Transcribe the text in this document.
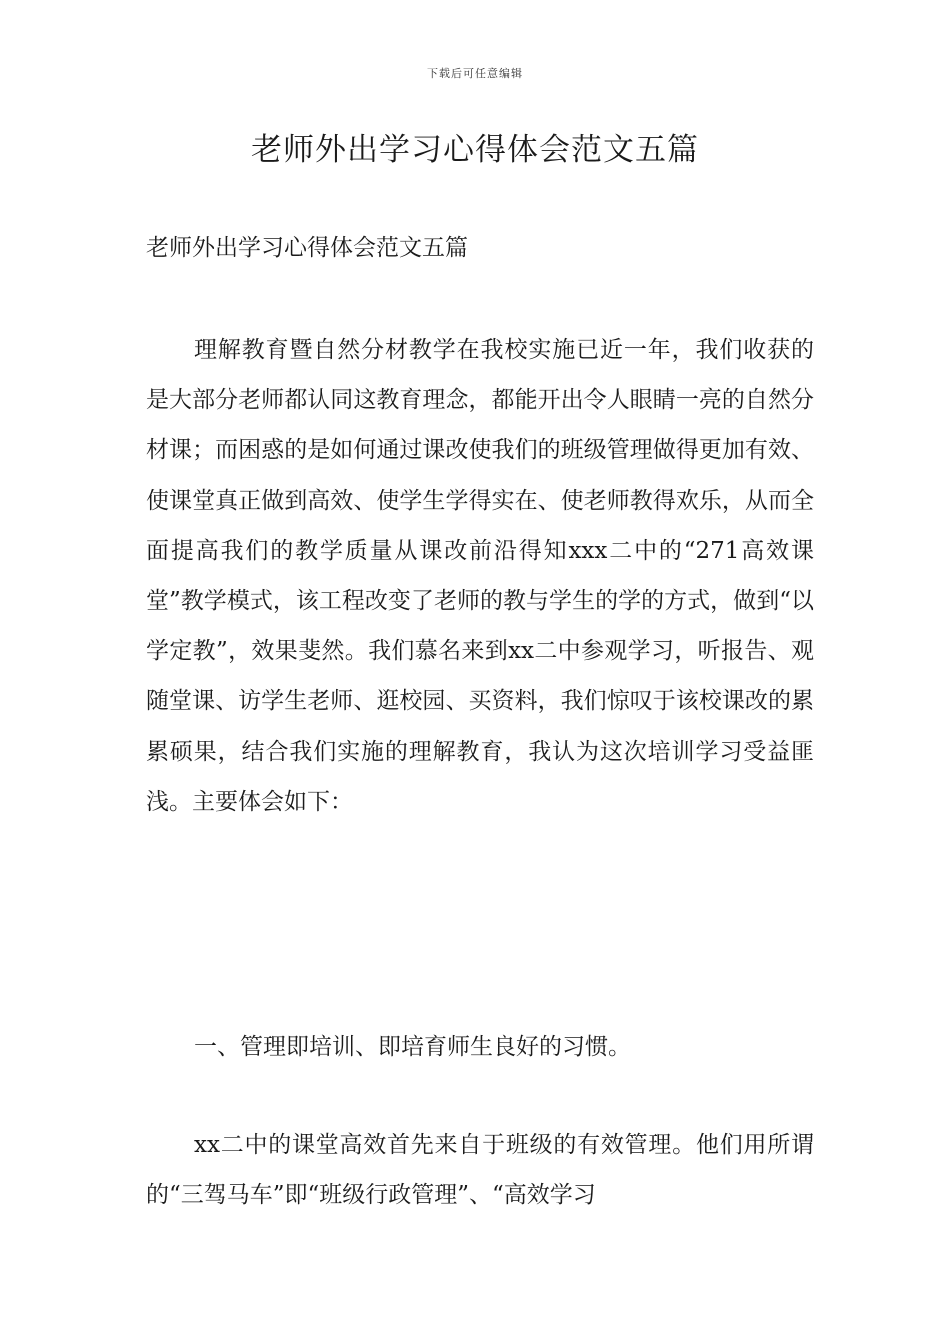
下载后可任意编辑
老师外出学习心得体会范文五篇

老师外出学习心得体会范文五篇

理解教育暨自然分材教学在我校实施已近一年，我们收获的是大部分老师都认同这教育理念，都能开出令人眼睛一亮的自然分材课；而困惑的是如何通过课改使我们的班级管理做得更加有效、使课堂真正做到高效、使学生学得实在、使老师教得欢乐，从而全面提高我们的教学质量从课改前沿得知xxx二中的“271高效课堂”教学模式，该工程改变了老师的教与学生的学的方式，做到“以学定教”，效果斐然。我们慕名来到xx二中参观学习，听报告、观随堂课、访学生老师、逛校园、买资料，我们惊叹于该校课改的累累硕果，结合我们实施的理解教育，我认为这次培训学习受益匪浅。主要体会如下：

一、管理即培训、即培育师生良好的习惯。

xx二中的课堂高效首先来自于班级的有效管理。他们用所谓的“三驾马车”即“班级行政管理”、“高效学习
